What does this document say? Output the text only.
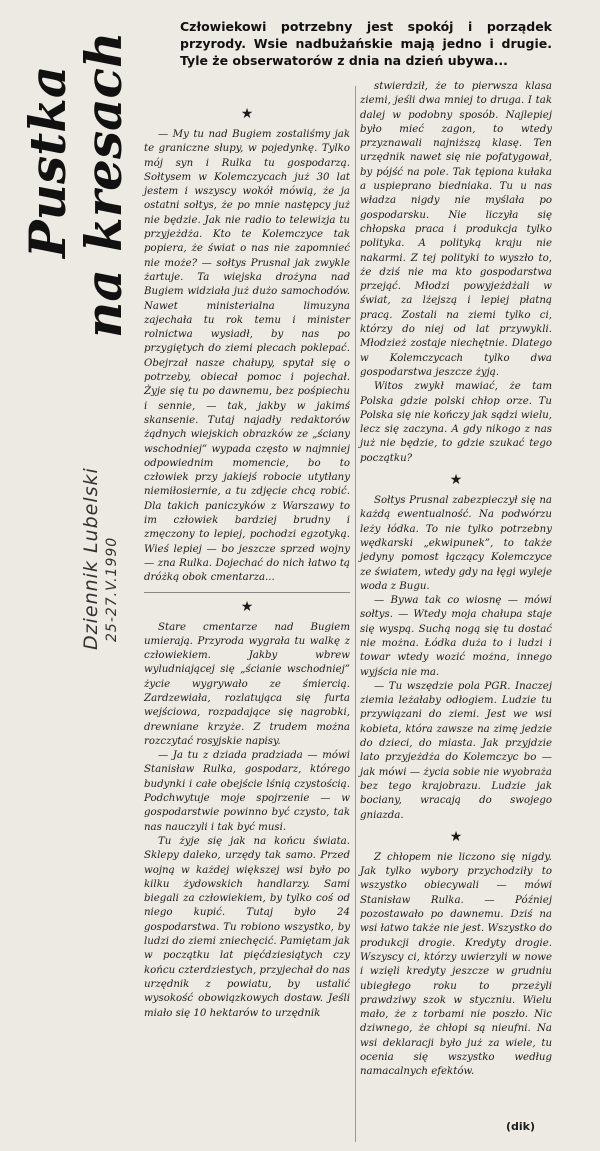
Pustka
na kresach
Dziennik Lubelski 25-27.V.1990
Człowiekowi potrzebny jest spokój i porządek przyrody. Wsie nadbużańskie mają jedno i drugie. Tyle że obserwatorów z dnia na dzień ubywa...
★

— My tu nad Bugiem zostaliśmy jak te graniczne słupy, w pojedynkę. Tylko mój syn i Rulka tu gospodarzą. Sołtysem w Kolemczycach już 30 lat jestem i wszyscy wokół mówią, że ja ostatni sołtys, że po mnie następcy już nie będzie. Jak nie radio to telewizja tu przyjeżdża. Kto te Kolemczyce tak popiera, że świat o nas nie zapomnieć nie może? — sołtys Prusnal jak zwykle żartuje. Ta wiejska drożyna nad Bugiem widziała już dużo samochodów. Nawet ministerialna limuzyna zajechała tu rok temu i minister rolnictwa wysiadł, by nas po przygiętych do ziemi plecach poklepać. Obejrzał nasze chałupy, spytał się o potrzeby, obiecał pomoc i pojechał. Żyje się tu po dawnemu, bez pośpiechu i sennie, — tak, jakby w jakimś skansenie. Tutaj najadły redaktorów żądnych wiejskich obrazków ze „ściany wschodniej” wypada często w najmniej odpowiednim momencie, bo to człowiek przy jakiejś robocie utytłany niemiłosiernie, a tu zdjęcie chcą robić. Dla takich paniczyków z Warszawy to im człowiek bardziej brudny i zmęczony to lepiej, pochodzi egzotyką. Wieś lepiej — bo jeszcze sprzed wojny — zna Rulka. Dojechać do nich łatwo tą dróżką obok cmentarza...

★

Stare cmentarze nad Bugiem umierają. Przyroda wygrała tu walkę z człowiekiem. Jakby wbrew wyludniającej się „ścianie wschodniej” życie wygrywało ze śmiercią. Zardzewiała, rozlatująca się furta wejściowa, rozpadające się nagrobki, drewniane krzyże. Z trudem można rozczytać rosyjskie napisy.

— Ja tu z dziada pradziada — mówi Stanisław Rulka, gospodarz, którego budynki i całe obejście lśnią czystością. Podchwytuje moje spojrzenie — w gospodarstwie powinno być czysto, tak nas nauczyli i tak być musi.

Tu żyje się jak na końcu świata. Sklepy daleko, urzędy tak samo. Przed wojną w każdej większej wsi było po kilku żydowskich handlarzy. Sami biegali za człowiekiem, by tylko coś od niego kupić. Tutaj było 24 gospodarstwa. Tu robiono wszystko, by ludzi do ziemi zniechęcić. Pamiętam jak w początku lat pięćdziesiątych czy końcu czterdziestych, przyjechał do nas urzędnik z powiatu, by ustalić wysokość obowiązkowych dostaw. Jeśli miało się 10 hektarów to urzędnik

stwierdził, że to pierwsza klasa ziemi, jeśli dwa mniej to druga. I tak dalej w podobny sposób. Najlepiej było mieć zagon, to wtedy przyznawali najniższą klasę. Ten urzędnik nawet się nie pofatygował, by pójść na pole. Tak tępiona kułaka a uspieprano biedniaka. Tu u nas władza nigdy nie myślała po gospodarsku. Nie liczyła się chłopska praca i produkcja tylko polityka. A polityką kraju nie nakarmi. Z tej polityki to wyszło to, że dziś nie ma kto gospodarstwa przejąć. Młodzi powyjeżdżali w świat, za lżejszą i lepiej płatną pracą. Zostali na ziemi tylko ci, którzy do niej od lat przywykli. Młodzież zostaje niechętnie. Dlatego w Kolemczycach tylko dwa gospodarstwa jeszcze żyją.

Witos zwykł mawiać, że tam Polska gdzie polski chłop orze. Tu Polska się nie kończy jak sądzi wielu, lecz się zaczyna. A gdy nikogo z nas już nie będzie, to gdzie szukać tego początku?

★

Sołtys Prusnal zabezpieczył się na każdą ewentualność. Na podwórzu leży łódka. To nie tylko potrzebny wędkarski „ekwipunek”, to także jedyny pomost łączący Kolemczyce ze światem, wtedy gdy na łęgi wyleje woda z Bugu.

— Bywa tak co wiosnę — mówi sołtys. — Wtedy moja chałupa staje się wyspą. Suchą nogą się tu dostać nie można. Łódka duża to i ludzi i towar wtedy wozić można, innego wyjścia nie ma.

— Tu wszędzie pola PGR. Inaczej ziemia leżałaby odłogiem. Ludzie tu przywiązani do ziemi. Jest we wsi kobieta, która zawsze na zimę jedzie do dzieci, do miasta. Jak przyjdzie lato przyjeżdża do Kolemczyc bo — jak mówi — życia sobie nie wyobraża bez tego krajobrazu. Ludzie jak bociany, wracają do swojego gniazda.

★

Z chłopem nie liczono się nigdy. Jak tylko wybory przychodziły to wszystko obiecywali — mówi Stanisław Rulka. — Później pozostawało po dawnemu. Dziś na wsi łatwo także nie jest. Wszystko do produkcji drogie. Kredyty drogie. Wszyscy ci, którzy uwierzyli w nowe i wzięli kredyty jeszcze w grudniu ubiegłego roku to przeżyli prawdziwy szok w styczniu. Wielu mało, że z torbami nie poszło. Nic dziwnego, że chłopi są nieufni. Na wsi deklaracji było już za wiele, tu ocenia się wszystko według namacalnych efektów.

(dik)
